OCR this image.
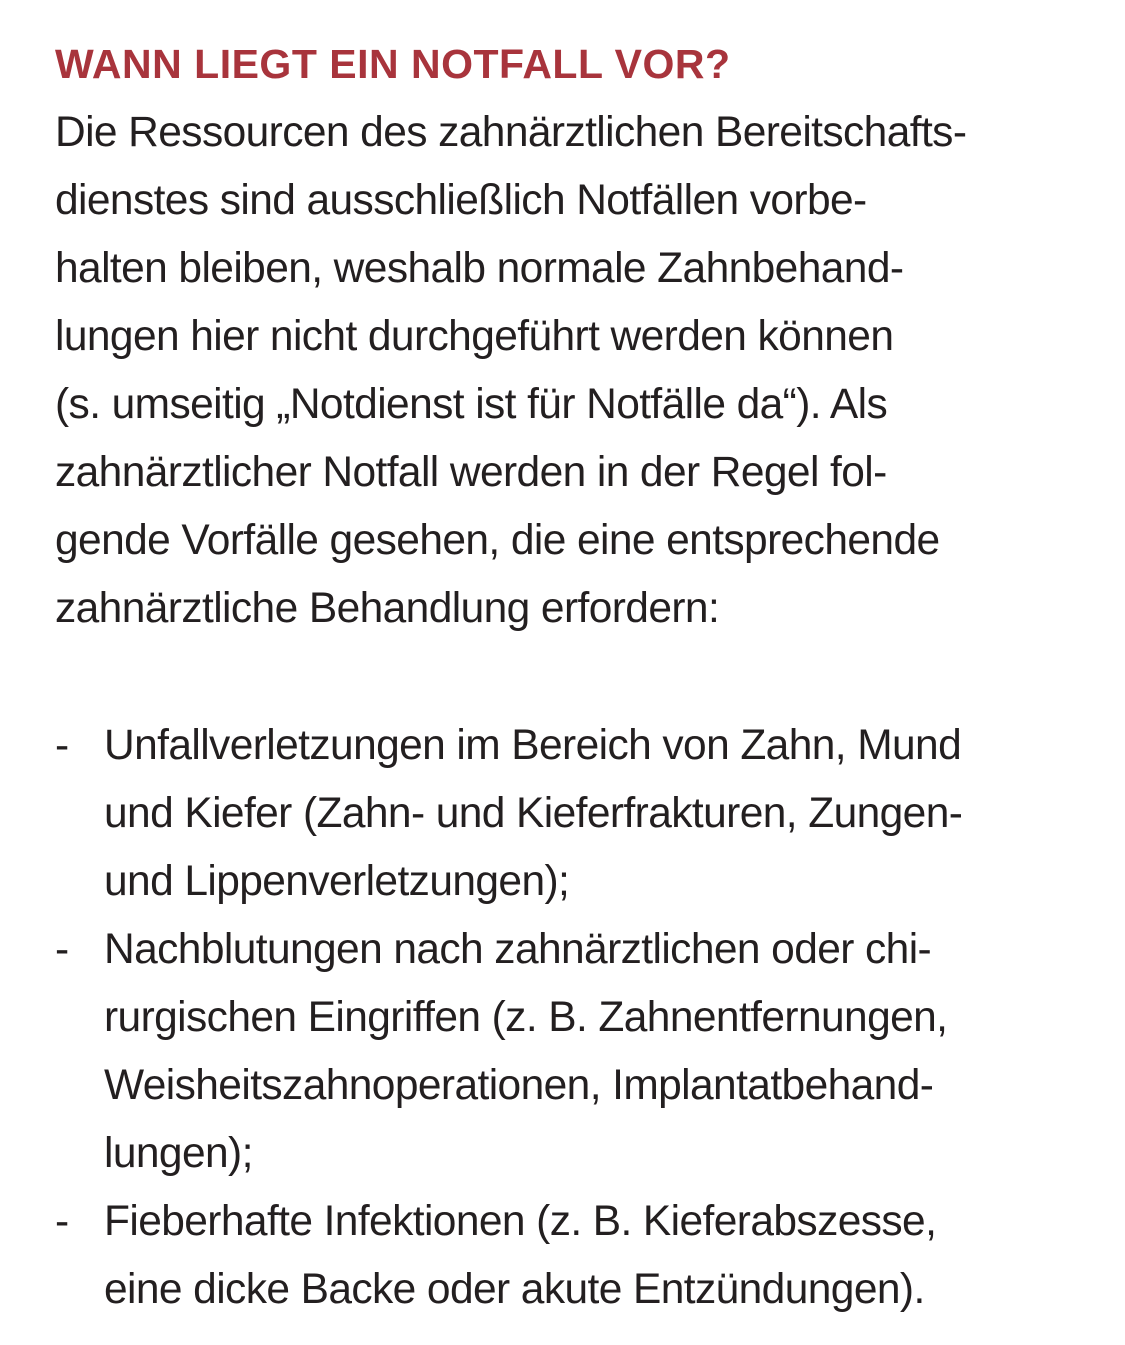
WANN LIEGT EIN NOTFALL VOR?

Die Ressourcen des zahnärztlichen Bereitschafts-

dienstes sind ausschließlich Notfällen vorbe-

halten bleiben, weshalb normale Zahnbehand-

lungen hier nicht durchgeführt werden können

(s. umseitig „Notdienst ist für Notfälle da“). Als

zahnärztlicher Notfall werden in der Regel fol-

gende Vorfälle gesehen, die eine entsprechende

zahnärztliche Behandlung erfordern:

- Unfallverletzungen im Bereich von Zahn, Mund

und Kiefer (Zahn- und Kieferfrakturen, Zungen-

und Lippenverletzungen);

- Nachblutungen nach zahnärztlichen oder chi-

rurgischen Eingriffen (z. B. Zahnentfernungen,

Weisheitszahnoperationen, Implantatbehand-

lungen);

- Fieberhafte Infektionen (z. B. Kieferabszesse,

eine dicke Backe oder akute Entzündungen).
